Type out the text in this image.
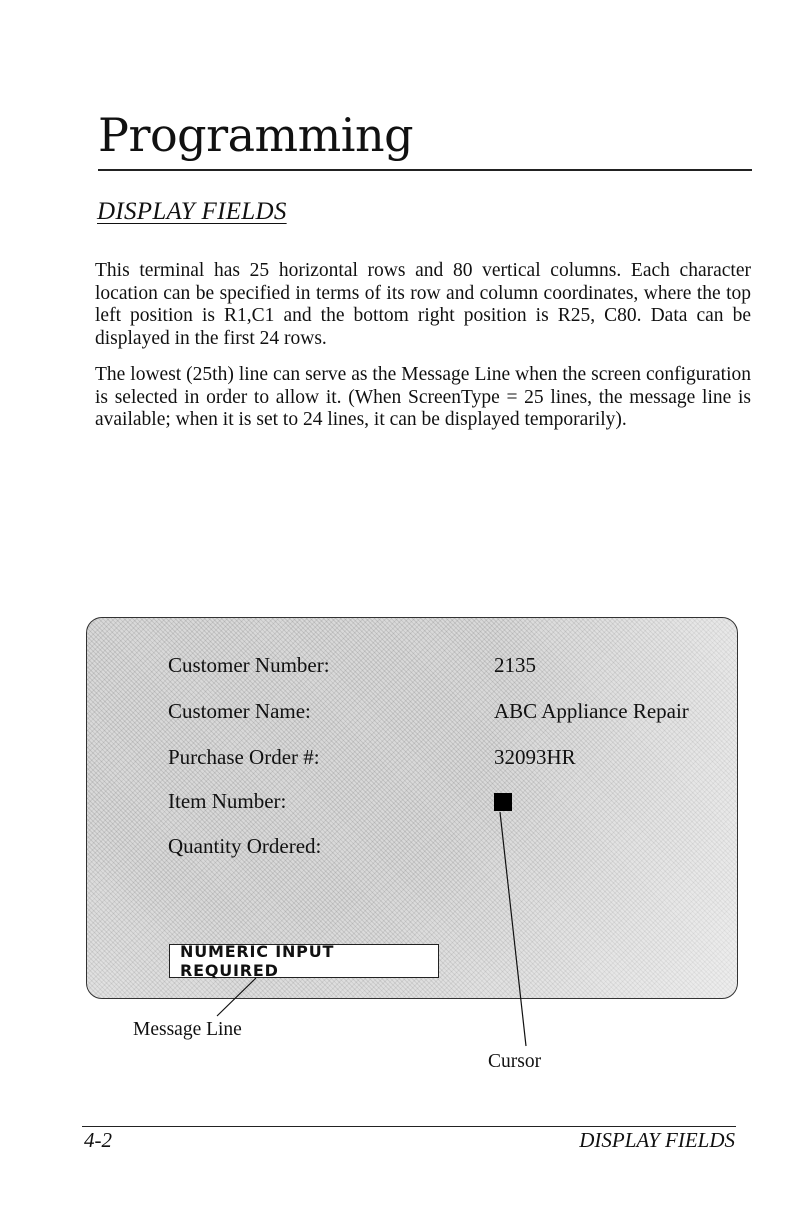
Programming
DISPLAY FIELDS

This terminal has 25 horizontal rows and 80 vertical columns. Each character location can be specified in terms of its row and column coordinates, where the top left position is R1,C1 and the bottom right position is R25, C80. Data can be displayed in the first 24 rows.

The lowest (25th) line can serve as the Message Line when the screen configuration is selected in order to allow it. (When ScreenType = 25 lines, the message line is available; when it is set to 24 lines, it can be displayed temporarily).

Customer Number:	2135
Customer Name:	ABC Appliance Repair
Purchase Order #:	32093HR
Item Number:
Quantity Ordered:
NUMERIC INPUT REQUIRED
Message Line
Cursor
4-2	DISPLAY FIELDS
